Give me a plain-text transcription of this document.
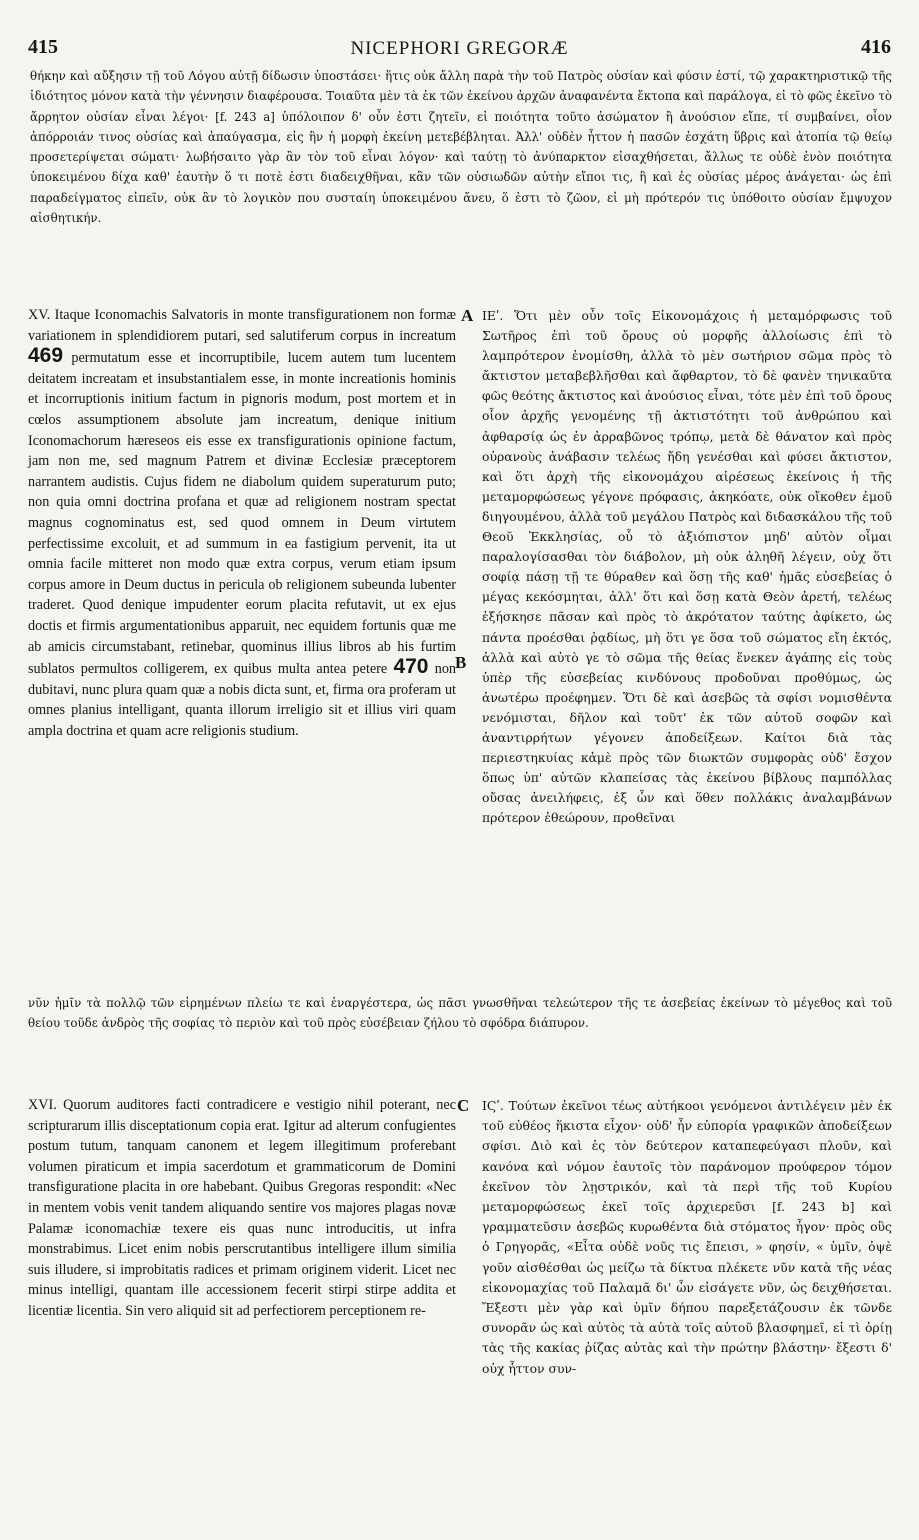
415	NICEPHORI GREGORÆ	416
θήκην καὶ αὔξησιν τῇ τοῦ Λόγου αὐτῇ δίδωσιν ὑποστάσει· ἥτις οὐκ ἄλλη παρὰ τὴν τοῦ Πατρὸς οὐσίαν καὶ φύσιν ἐστί, τῷ χαρακτηριστικῷ τῆς ἰδιότητος μόνον κατὰ τὴν γέννησιν διαφέρουσα. Τοιαῦτα μὲν τὰ ἐκ τῶν ἐκείνου ἀρχῶν ἀναφανέντα ἔκτοπα καὶ παράλογα, εἰ τὸ φῶς ἐκεῖνο τὸ ἄρρητον οὐσίαν εἶναι λέγοι· [f. 243 a] ὑπόλοιπον δ' οὖν ἐστι ζητεῖν, εἰ ποιότητα τοῦτο ἀσώματον ἢ ἀνούσιον εἴπε, τί συμβαίνει, οἷον ἀπόρροιάν τινος οὐσίας καὶ ἀπαύγασμα, εἰς ἣν ἡ μορφὴ ἐκείνη μετεβέβληται. Ἀλλ' οὐδὲν ἧττον ἡ πασῶν ἐσχάτη ὕβρις καὶ ἀτοπία τῷ θείῳ προσετερίψεται σώματι· λωβήσαιτο γὰρ ἂν τὸν τοῦ εἶναι λόγον· καὶ ταύτῃ τὸ ἀνύπαρκτον εἰσαχθήσεται, ἄλλως τε οὐδὲ ἐνὸν ποιότητα ὑποκειμένου δίχα καθ' ἑαυτὴν ὅ τι ποτὲ ἐστι διαδειχθῆναι, κἂν τῶν οὐσιωδῶν αὐτὴν εἴποι τις, ἣ καὶ ἐς οὐσίας μέρος ἀνάγεται· ὡς ἐπὶ παραδείγματος εἰπεῖν, οὐκ ἂν τὸ λογικὸν που συσταίη ὑποκειμένου ἄνευ, ὅ ἐστι τὸ ζῶον, εἰ μὴ πρότερόν τις ὑπόθοιτο οὐσίαν ἔμψυχον αἰσθητικήν.
XV. Itaque Iconomachis Salvatoris in monte transfigurationem non formæ variationem in splendidiorem putari, sed salutiferum corpus in increatum 469 permutatum esse et incorruptibile, lucem autem tum lucentem deitatem increatam et insubstantialem esse, in monte increationis hominis et incorruptionis initium factum in pignoris modum, post mortem et in cœlos assumptionem absolute jam increatum, denique initium Iconomachorum hæreseos eis esse ex transfigurationis opinione factum, jam non me, sed magnum Patrem et divinæ Ecclesiæ præceptorem narrantem audistis. Cujus fidem ne diabolum quidem superaturum puto; non quia omni doctrina profana et quæ ad religionem nostram spectat magnus cognominatus est, sed quod omnem in Deum virtutem perfectissime excoluit, et ad summum in ea fastigium pervenit, ita ut omnia facile mitteret non modo quæ extra corpus, verum etiam ipsum corpus amore in Deum ductus in pericula ob religionem subeunda lubenter traderet. Quod denique impudenter eorum placita refutavit, ut ex ejus doctis et firmis argumentationibus apparuit, nec equidem fortunis quæ me ab amicis circumstabant, retinebar, quominus illius libros ab his furtim sublatos permultos colligerem, ex quibus multa antea petere 470 non dubitavi, nunc plura quam quæ a nobis dicta sunt, et, firma ora proferam ut omnes planius intelligant, quanta illorum irreligio sit et illius viri quam ampla doctrina et quam acre religionis studium.
A
B
ΙΕʹ. Ὅτι μὲν οὖν τοῖς Εἰκονομάχοις ἡ μεταμόρφωσις τοῦ Σωτῆρος ἐπὶ τοῦ ὄρους οὐ μορφῆς ἀλλοίωσις ἐπὶ τὸ λαμπρότερον ἐνομίσθη, ἀλλὰ τὸ μὲν σωτήριον σῶμα πρὸς τὸ ἄκτιστον μεταβεβλῆσθαι καὶ ἄφθαρτον, τὸ δὲ φανὲν τηνικαῦτα φῶς θεότης ἄκτιστος καὶ ἀνούσιος εἶναι, τότε μὲν ἐπὶ τοῦ ὄρους οἷον ἀρχῆς γενομένης τῇ ἀκτιστότητι τοῦ ἀνθρώπου καὶ ἀφθαρσίᾳ ὡς ἐν ἀρραβῶνος τρόπῳ, μετὰ δὲ θάνατον καὶ πρὸς οὐρανοὺς ἀνάβασιν τελέως ἤδη γενέσθαι καὶ φύσει ἄκτιστον, καὶ ὅτι ἀρχὴ τῆς εἰκονομάχου αἱρέσεως ἐκείνοις ἡ τῆς μεταμορφώσεως γέγονε πρόφασις, ἀκηκόατε, οὐκ οἴκοθεν ἐμοῦ διηγουμένου, ἀλλὰ τοῦ μεγάλου Πατρὸς καὶ διδασκάλου τῆς τοῦ Θεοῦ Ἐκκλησίας, οὗ τὸ ἀξιόπιστον μηδ' αὐτὸν οἶμαι παραλογίσασθαι τὸν διάβολον, μὴ οὐκ ἀληθῆ λέγειν, οὐχ ὅτι σοφίᾳ πάσῃ τῇ τε θύραθεν καὶ ὅσῃ τῆς καθ' ἡμᾶς εὐσεβείας ὁ μέγας κεκόσμηται, ἀλλ' ὅτι καὶ ὅσῃ κατὰ Θεὸν ἀρετή, τελέως ἐξήσκησε πᾶσαν καὶ πρὸς τὸ ἀκρότατον ταύτης ἀφίκετο, ὡς πάντα προέσθαι ῥᾳδίως, μὴ ὅτι γε ὅσα τοῦ σώματος εἴη ἐκτός, ἀλλὰ καὶ αὐτὸ γε τὸ σῶμα τῆς θείας ἕνεκεν ἀγάπης εἰς τοὺς ὑπὲρ τῆς εὐσεβείας κινδύνους προδοῦναι προθύμως, ὡς ἀνωτέρω προέφημεν. Ὅτι δὲ καὶ ἀσεβῶς τὰ σφίσι νομισθέντα νενόμισται, δῆλον καὶ τοῦτ' ἐκ τῶν αὐτοῦ σοφῶν καὶ ἀναντιρρήτων γέγονεν ἀποδείξεων. Καίτοι διὰ τὰς περιεστηκυίας κἀμὲ πρὸς τῶν διωκτῶν συμφορὰς οὐδ' ἔσχον ὅπως ὑπ' αὐτῶν κλαπείσας τὰς ἐκείνου βίβλους παμπόλλας οὔσας ἀνειλήφεις, ἐξ ὧν καὶ ὅθεν πολλάκις ἀναλαμβάνων πρότερον ἐθεώρουν, προθεῖναι
νῦν ἡμῖν τὰ πολλῷ τῶν εἰρημένων πλείω τε καὶ ἐναργέστερα, ὡς πᾶσι γνωσθῆναι τελεώτερον τῆς τε ἀσεβείας ἐκείνων τὸ μέγεθος καὶ τοῦ θείου τοῦδε ἀνδρὸς τῆς σοφίας τὸ περιὸν καὶ τοῦ πρὸς εὐσέβειαν ζήλου τὸ σφόδρα διάπυρον.
XVI. Quorum auditores facti contradicere e vestigio nihil poterant, nec scripturarum illis disceptationum copia erat. Igitur ad alterum confugientes postum tutum, tanquam canonem et legem illegitimum proferebant volumen piraticum et impia sacerdotum et grammaticorum de Domini transfigurationе placita in ore habebant. Quibus Gregoras respondit: «Nec in mentem vobis venit tandem aliquando sentire vos majores plagas novæ Palamæ iconomachiæ texere eis quas nunc introducitis, ut infra monstrabimus. Licet enim nobis perscrutantibus intelligere illum similia suis illudere, si improbitatis radices et primam originem viderit. Licet nec minus intelligi, quantam ille accessionem fecerit stirpi stirpe addita et licentiæ licentia. Sin vero aliquid sit ad perfectiorem perceptionem re-
C ΙϚʹ. Τούτων ἐκεῖνοι τέως αὐτήκοοι γενόμενοι ἀντιλέγειν μὲν ἐκ τοῦ εὐθέος ἥκιστα εἶχον· οὐδ' ἦν εὐπορία γραφικῶν ἀποδείξεων σφίσι. Διὸ καὶ ἐς τὸν δεύτερον καταπεφεύγασι πλοῦν, καὶ κανόνα καὶ νόμον ἑαυτοῖς τὸν παράνομον προύφερον τόμον ἐκεῖνον τὸν λῃστρικόν, καὶ τὰ περὶ τῆς τοῦ Κυρίου μεταμορφώσεως ἐκεῖ τοῖς ἀρχιερεῦσι [f. 243 b] καὶ γραμματεῦσιν ἀσεβῶς κυρωθέντα διὰ στόματος ἦγον· πρὸς οὓς ὁ Γρηγορᾶς, «Εἶτα οὐδὲ νοῦς τις ἔπεισι, » φησίν, « ὑμῖν, ὀψὲ γοῦν αἰσθέσθαι ὡς μείζω τὰ δίκτυα πλέκετε νῦν κατὰ τῆς νέας εἰκονομαχίας τοῦ Παλαμᾶ δι' ὧν εἰσάγετε νῦν, ὡς δειχθήσεται. Ἔξεστι μὲν γὰρ καὶ ὑμῖν δήπου παρεξετάζουσιν ἐκ τῶνδε συνορᾶν ὡς καὶ αὐτὸς τὰ αὐτὰ τοῖς αὐτοῦ βλασφημεῖ, εἰ τὶ ὁρίῃ τὰς τῆς κακίας ῥίζας αὐτὰς καὶ τὴν πρώτην βλάστην· ἔξεστι δ' οὐχ ἧττον συν-
